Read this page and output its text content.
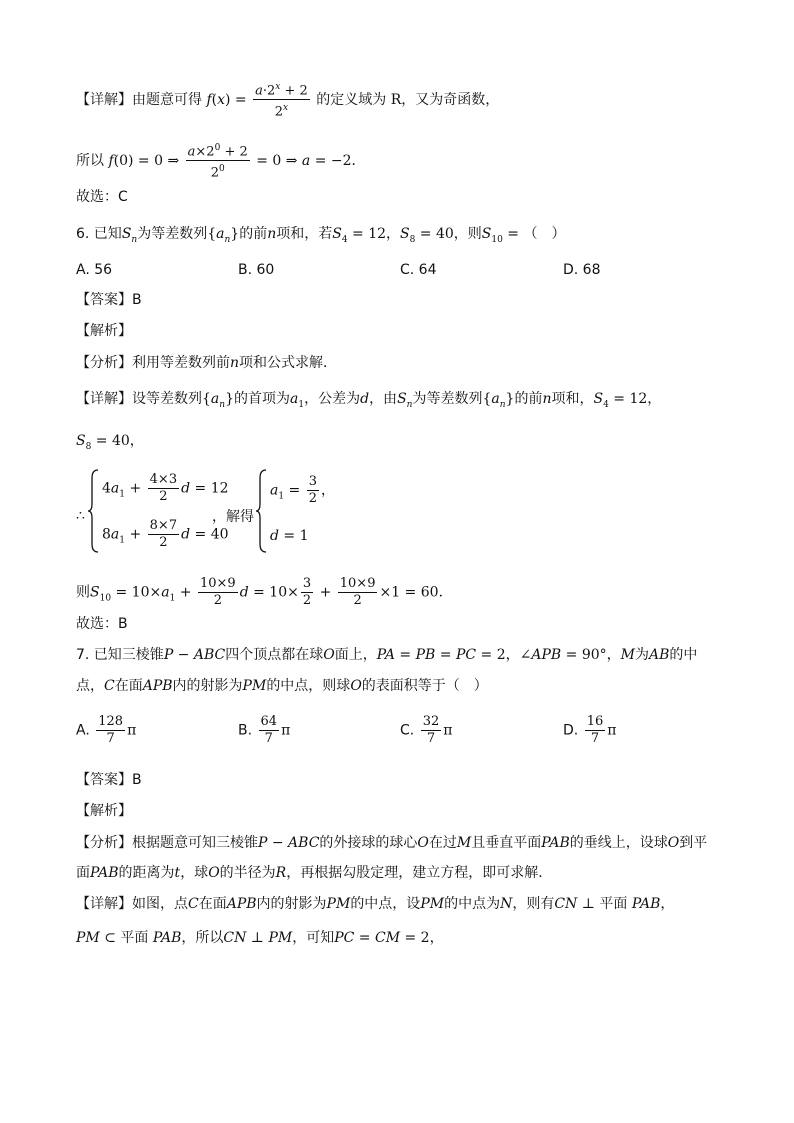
【详解】由题意可得 $f(x) = \frac{a\cdot 2^x + 2}{2^x}$ 的定义域为 R，又为奇函数，
所以 f(0) = 0 ⇒ $\frac{a\times 2^0 + 2}{2^0} = 0$ ⇒ a = −2．
故选：C
6. 已知$S_n$为等差数列$\{a_n\}$的前n项和，若$S_4 = 12$，$S_8 = 40$，则$S_{10}$ = （　）
A. 56	B. 60	C. 64	D. 68
【答案】B
【解析】
【分析】利用等差数列前n项和公式求解．
【详解】设等差数列$\{a_n\}$的首项为$a_1$，公差为d，由$S_n$为等差数列$\{a_n\}$的前n项和，$S_4 = 12$，
$S_8 = 40$，
∴
$4a_1 + \frac{4\times 3}{2}$ d = 12
$8a_1 + \frac{8\times 7}{2}$ d = 40
，解得
$a_1 = \frac{3}{2}$ ，
d = 1
则$S_{10} = 10\times a_1 + \frac{10\times 9}{2}$ $d = 10\times \frac{3}{2} + \frac{10\times 9}{2} \times 1 = 60$．
故选：B
7. 已知三棱锥P − ABC四个顶点都在球O面上，PA = PB = PC = 2，∠APB = 90°，M为AB的中
点，C在面APB内的射影为PM的中点，则球O的表面积等于（　）
A. $\frac{128}{7}$ π	B. $\frac{64}{7}$ π	C. $\frac{32}{7}$ π	D. $\frac{16}{7}$ π
【答案】B
【解析】
【分析】根据题意可知三棱锥P − ABC的外接球的球心O在过M且垂直平面PAB的垂线上，设球O到平
面PAB的距离为t，球O的半径为R，再根据勾股定理，建立方程，即可求解．
【详解】如图，点C在面APB内的射影为PM的中点，设PM的中点为N，则有CN ⊥ 平面 PAB，
PM ⊂ 平面 PAB，所以CN ⊥ PM，可知PC = CM = 2，
